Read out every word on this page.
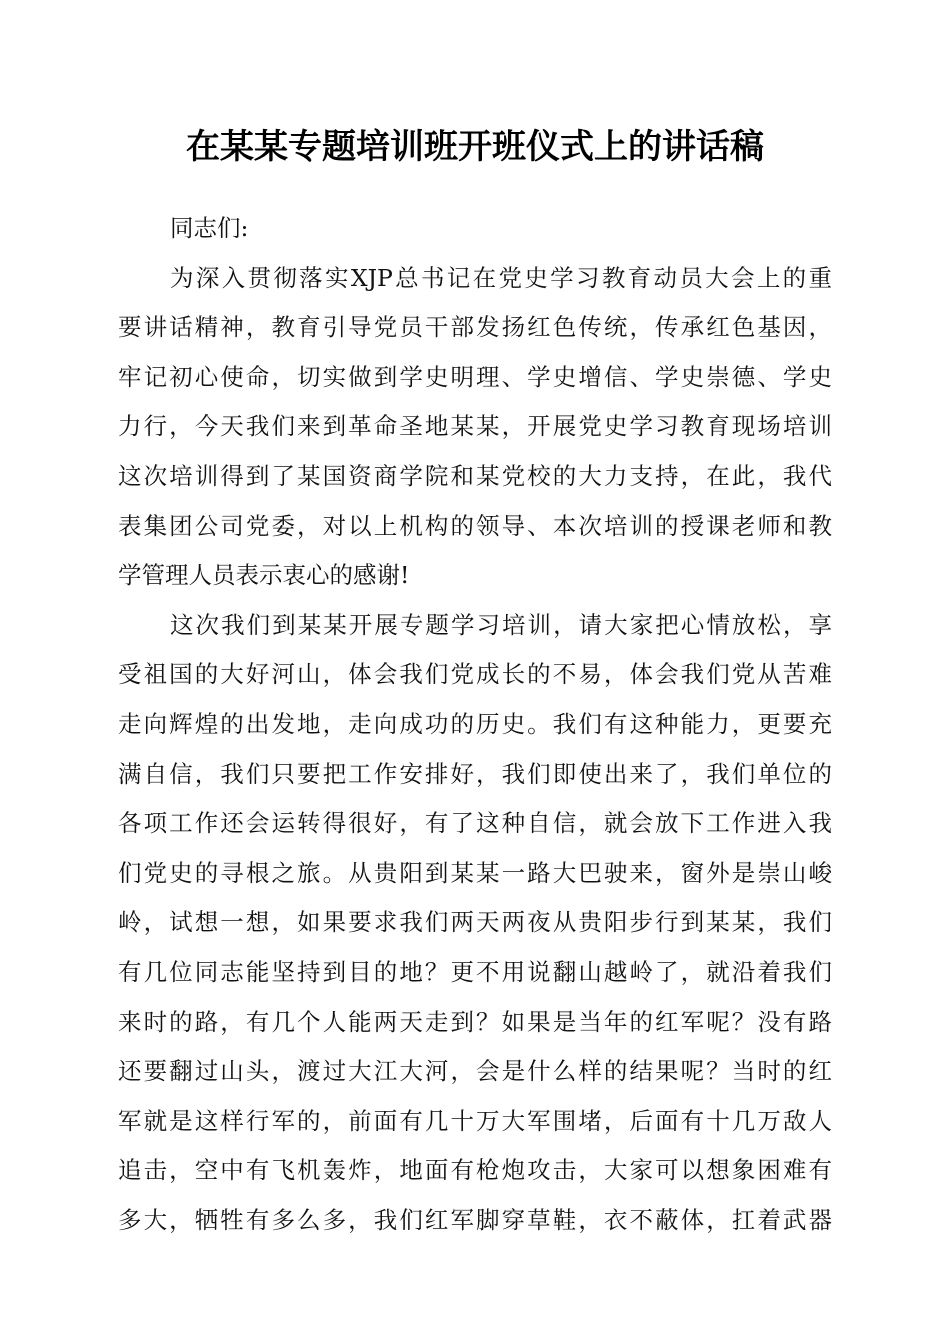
在某某专题培训班开班仪式上的讲话稿
同志们:
为深入贯彻落实XJP总书记在党史学习教育动员大会上的重
要讲话精神，教育引导党员干部发扬红色传统，传承红色基因，
牢记初心使命，切实做到学史明理、学史增信、学史崇德、学史
力行，今天我们来到革命圣地某某，开展党史学习教育现场培训
这次培训得到了某国资商学院和某党校的大力支持，在此，我代
表集团公司党委，对以上机构的领导、本次培训的授课老师和教
学管理人员表示衷心的感谢!
这次我们到某某开展专题学习培训，请大家把心情放松，享
受祖国的大好河山，体会我们党成长的不易，体会我们党从苦难
走向辉煌的出发地，走向成功的历史。我们有这种能力，更要充
满自信，我们只要把工作安排好，我们即使出来了，我们单位的
各项工作还会运转得很好，有了这种自信，就会放下工作进入我
们党史的寻根之旅。从贵阳到某某一路大巴驶来，窗外是崇山峻
岭，试想一想，如果要求我们两天两夜从贵阳步行到某某，我们
有几位同志能坚持到目的地？更不用说翻山越岭了，就沿着我们
来时的路，有几个人能两天走到？如果是当年的红军呢？没有路
还要翻过山头，渡过大江大河，会是什么样的结果呢？当时的红
军就是这样行军的，前面有几十万大军围堵，后面有十几万敌人
追击，空中有飞机轰炸，地面有枪炮攻击，大家可以想象困难有
多大，牺牲有多么多，我们红军脚穿草鞋，衣不蔽体，扛着武器
